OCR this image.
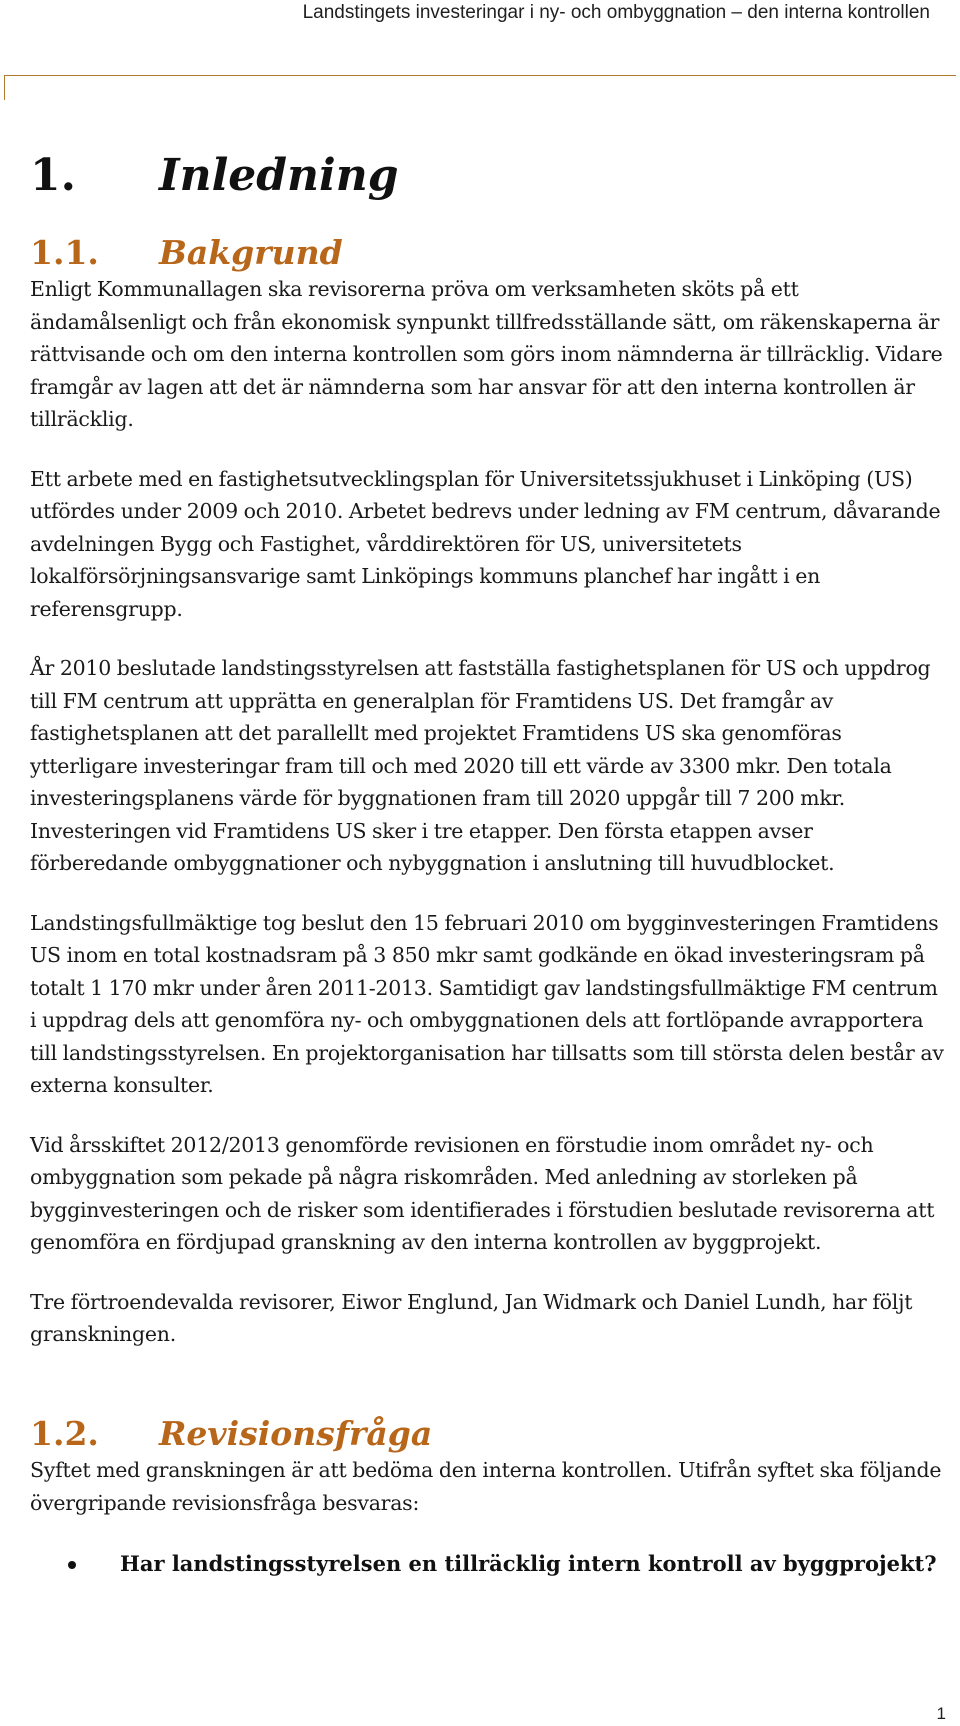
Landstingets investeringar i ny- och ombyggnation – den interna kontrollen
1. Inledning
1.1. Bakgrund

Enligt Kommunallagen ska revisorerna pröva om verksamheten sköts på ett ändamålsenligt och från ekonomisk synpunkt tillfredsställande sätt, om räkenskaperna är rättvisande och om den interna kontrollen som görs inom nämnderna är tillräcklig. Vidare framgår av lagen att det är nämnderna som har ansvar för att den interna kontrollen är tillräcklig.

Ett arbete med en fastighetsutvecklingsplan för Universitetssjukhuset i Linköping (US) utfördes under 2009 och 2010. Arbetet bedrevs under ledning av FM centrum, dåvarande avdelningen Bygg och Fastighet, vårddirektören för US, universitetets lokalförsörjningsansvarige samt Linköpings kommuns planchef har ingått i en referensgrupp.

År 2010 beslutade landstingsstyrelsen att fastställa fastighetsplanen för US och uppdrog till FM centrum att upprätta en generalplan för Framtidens US. Det framgår av fastighetsplanen att det parallellt med projektet Framtidens US ska genomföras ytterligare investeringar fram till och med 2020 till ett värde av 3300 mkr. Den totala investeringsplanens värde för byggnationen fram till 2020 uppgår till 7 200 mkr. Investeringen vid Framtidens US sker i tre etapper. Den första etappen avser förberedande ombyggnationer och nybyggnation i anslutning till huvudblocket.

Landstingsfullmäktige tog beslut den 15 februari 2010 om bygginvesteringen Framtidens US inom en total kostnadsram på 3 850 mkr samt godkände en ökad investeringsram på totalt 1 170 mkr under åren 2011-2013. Samtidigt gav landstingsfullmäktige FM centrum i uppdrag dels att genomföra ny- och ombyggnationen dels att fortlöpande avrapportera till landstingsstyrelsen. En projektorganisation har tillsatts som till största delen består av externa konsulter.

Vid årsskiftet 2012/2013 genomförde revisionen en förstudie inom området ny- och ombyggnation som pekade på några riskområden. Med anledning av storleken på bygginvesteringen och de risker som identifierades i förstudien beslutade revisorerna att genomföra en fördjupad granskning av den interna kontrollen av byggprojekt.

Tre förtroendevalda revisorer, Eiwor Englund, Jan Widmark och Daniel Lundh, har följt granskningen.

1.2. Revisionsfråga

Syftet med granskningen är att bedöma den interna kontrollen. Utifrån syftet ska följande övergripande revisionsfråga besvaras:

Har landstingsstyrelsen en tillräcklig intern kontroll av byggprojekt?
1
